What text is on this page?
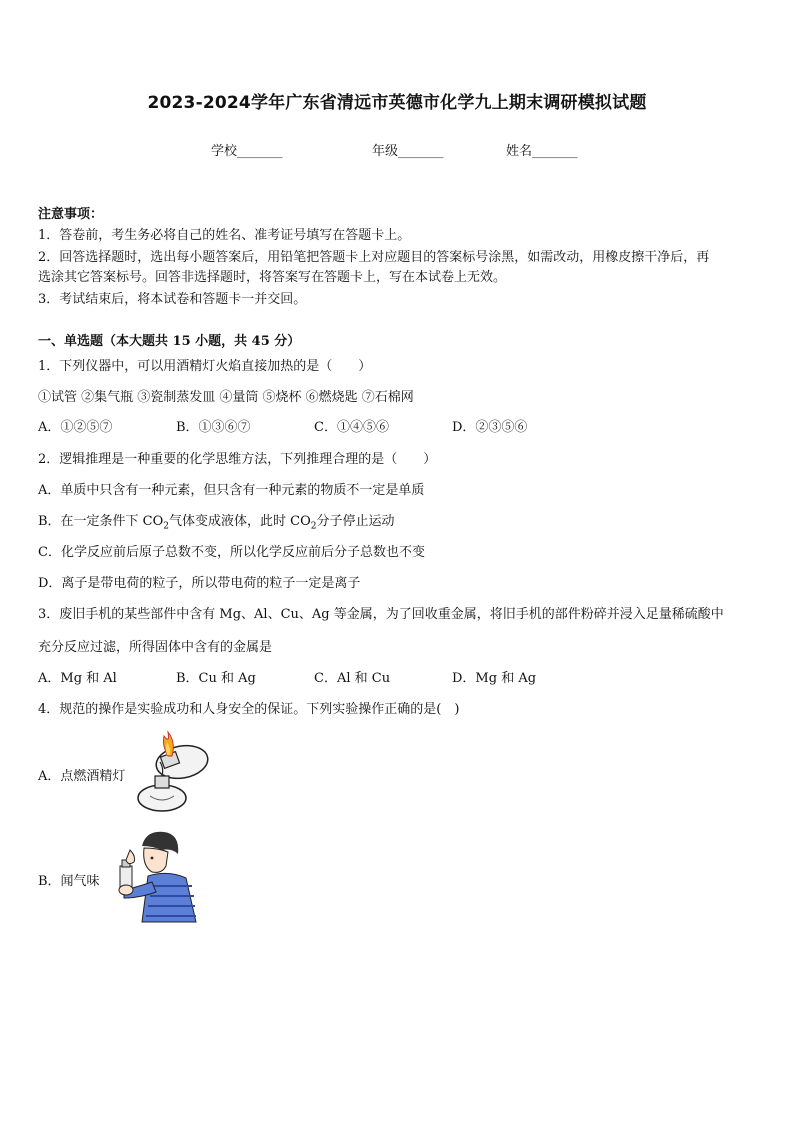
2023-2024学年广东省清远市英德市化学九上期末调研模拟试题
学校_______	年级_______	姓名_______
注意事项：
1．答卷前，考生务必将自己的姓名、准考证号填写在答题卡上。
2．回答选择题时，选出每小题答案后，用铅笔把答题卡上对应题目的答案标号涂黑，如需改动，用橡皮擦干净后，再
选涂其它答案标号。回答非选择题时，将答案写在答题卡上，写在本试卷上无效。
3．考试结束后，将本试卷和答题卡一并交回。
一、单选题（本大题共 15 小题，共 45 分）
1．下列仪器中，可以用酒精灯火焰直接加热的是（　　）
①试管 ②集气瓶 ③瓷制蒸发皿 ④量筒 ⑤烧杯 ⑥燃烧匙 ⑦石棉网
A．①②⑤⑦	B．①③⑥⑦	C．①④⑤⑥	D．②③⑤⑥
2．逻辑推理是一种重要的化学思维方法，下列推理合理的是（　　）
A．单质中只含有一种元素，但只含有一种元素的物质不一定是单质
B．在一定条件下 $CO_2$气体变成液体，此时 $CO_2$分子停止运动
C．化学反应前后原子总数不变，所以化学反应前后分子总数也不变
D．离子是带电荷的粒子，所以带电荷的粒子一定是离子
3．废旧手机的某些部件中含有 Mg、Al、Cu、Ag 等金属，为了回收重金属，将旧手机的部件粉碎并浸入足量稀硫酸中
充分反应过滤，所得固体中含有的金属是
A．Mg 和 Al	B．Cu 和 Ag	C．Al 和 Cu	D．Mg 和 Ag
4．规范的操作是实验成功和人身安全的保证。下列实验操作正确的是(　)
A．点燃酒精灯
B．闻气味
